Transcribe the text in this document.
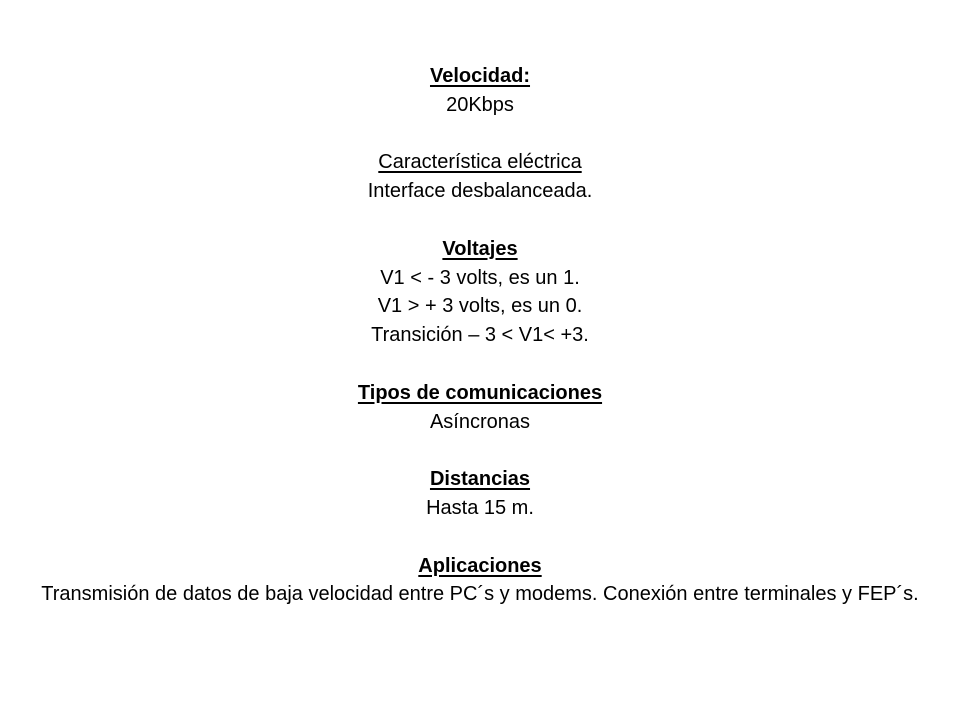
Velocidad:
20Kbps
Característica eléctrica
Interface desbalanceada.
Voltajes
V1 < - 3 volts, es un 1.
V1 > + 3 volts, es un 0.
Transición – 3 < V1< +3.
Tipos de comunicaciones
Asíncronas
Distancias
Hasta 15 m.
Aplicaciones
Transmisión de datos de baja velocidad entre PC´s y modems. Conexión entre terminales y FEP´s.
